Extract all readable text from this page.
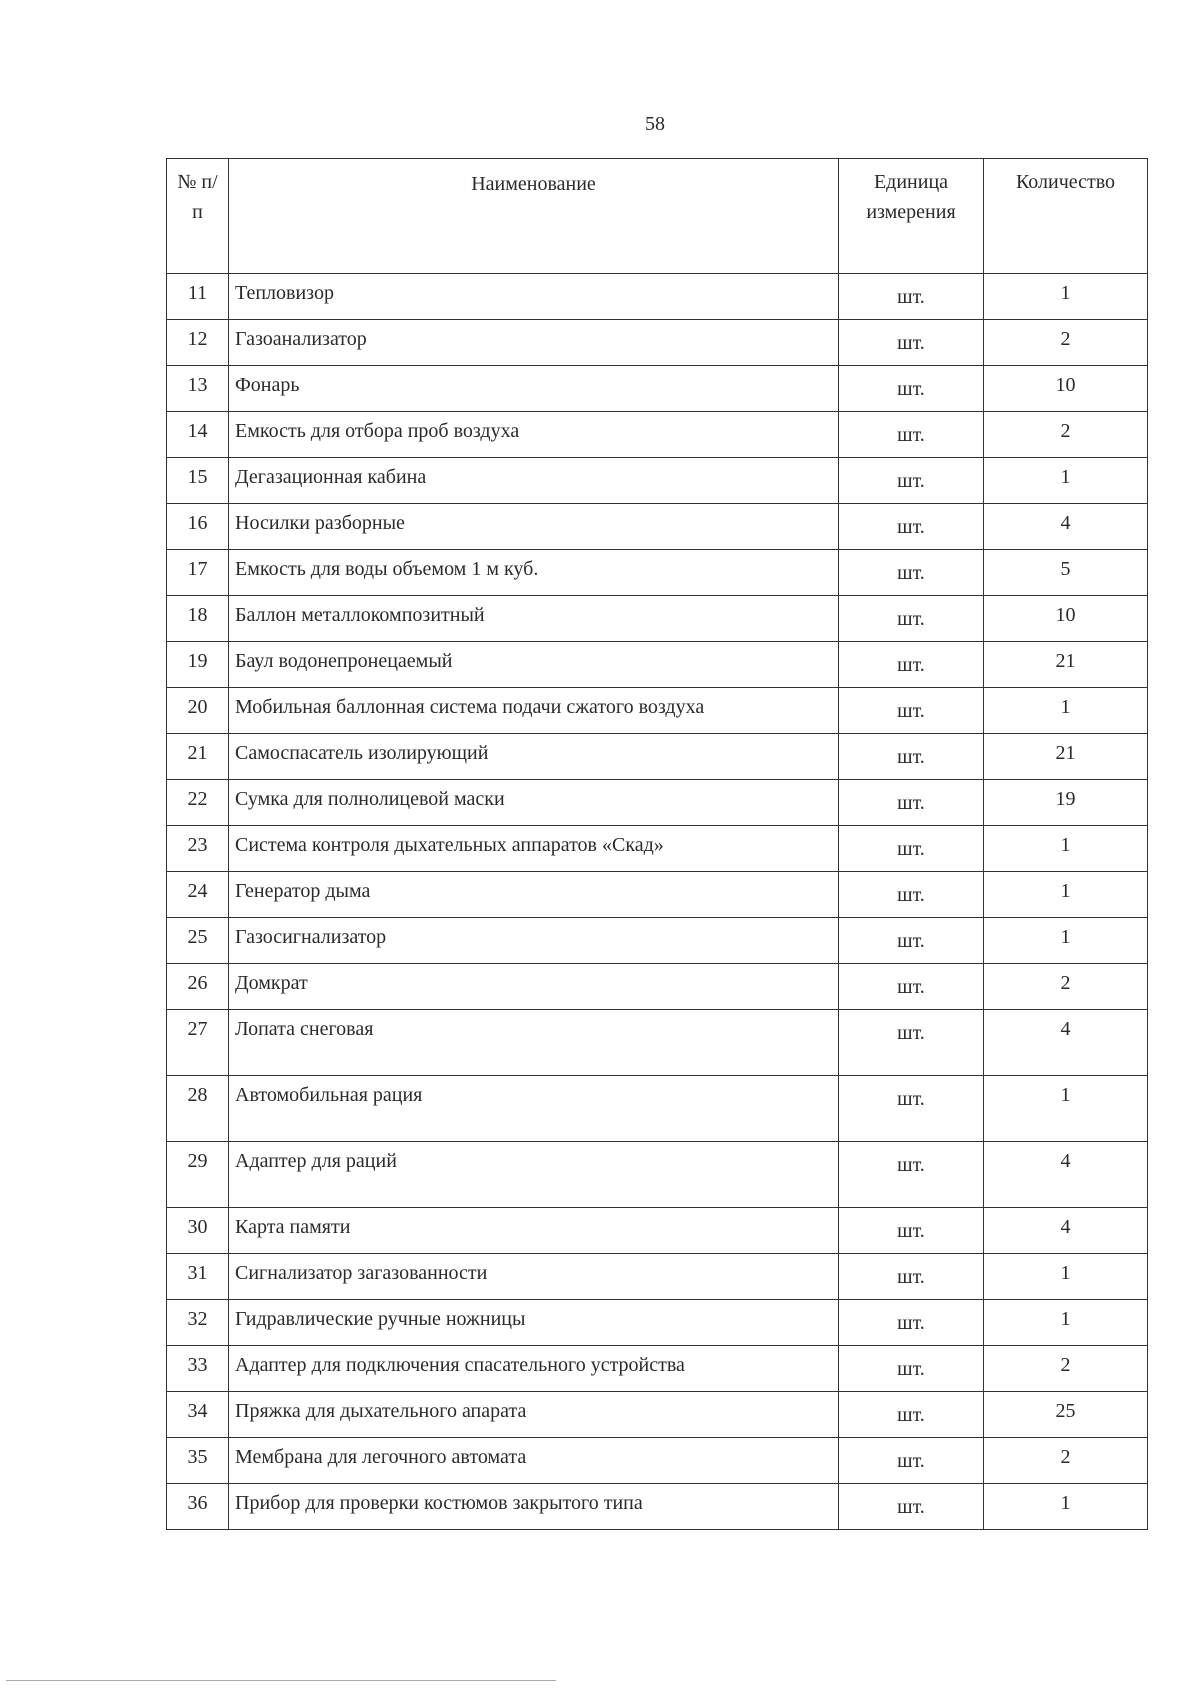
58
№ п/п	Наименование	Единица измерения	Количество
11	Тепловизор	шт.	1
12	Газоанализатор	шт.	2
13	Фонарь	шт.	10
14	Емкость для отбора проб воздуха	шт.	2
15	Дегазационная кабина	шт.	1
16	Носилки разборные	шт.	4
17	Емкость для воды объемом 1 м куб.	шт.	5
18	Баллон металлокомпозитный	шт.	10
19	Баул водонепронецаемый	шт.	21
20	Мобильная баллонная система подачи сжатого воздуха	шт.	1
21	Самоспасатель изолирующий	шт.	21
22	Сумка для полнолицевой маски	шт.	19
23	Система контроля дыхательных аппаратов «Скад»	шт.	1
24	Генератор дыма	шт.	1
25	Газосигнализатор	шт.	1
26	Домкрат	шт.	2
27	Лопата снеговая	шт.	4
28	Автомобильная рация	шт.	1
29	Адаптер для раций	шт.	4
30	Карта памяти	шт.	4
31	Сигнализатор загазованности	шт.	1
32	Гидравлические ручные ножницы	шт.	1
33	Адаптер для подключения спасательного устройства	шт.	2
34	Пряжка для дыхательного апарата	шт.	25
35	Мембрана для легочного автомата	шт.	2
36	Прибор для проверки костюмов закрытого типа	шт.	1
